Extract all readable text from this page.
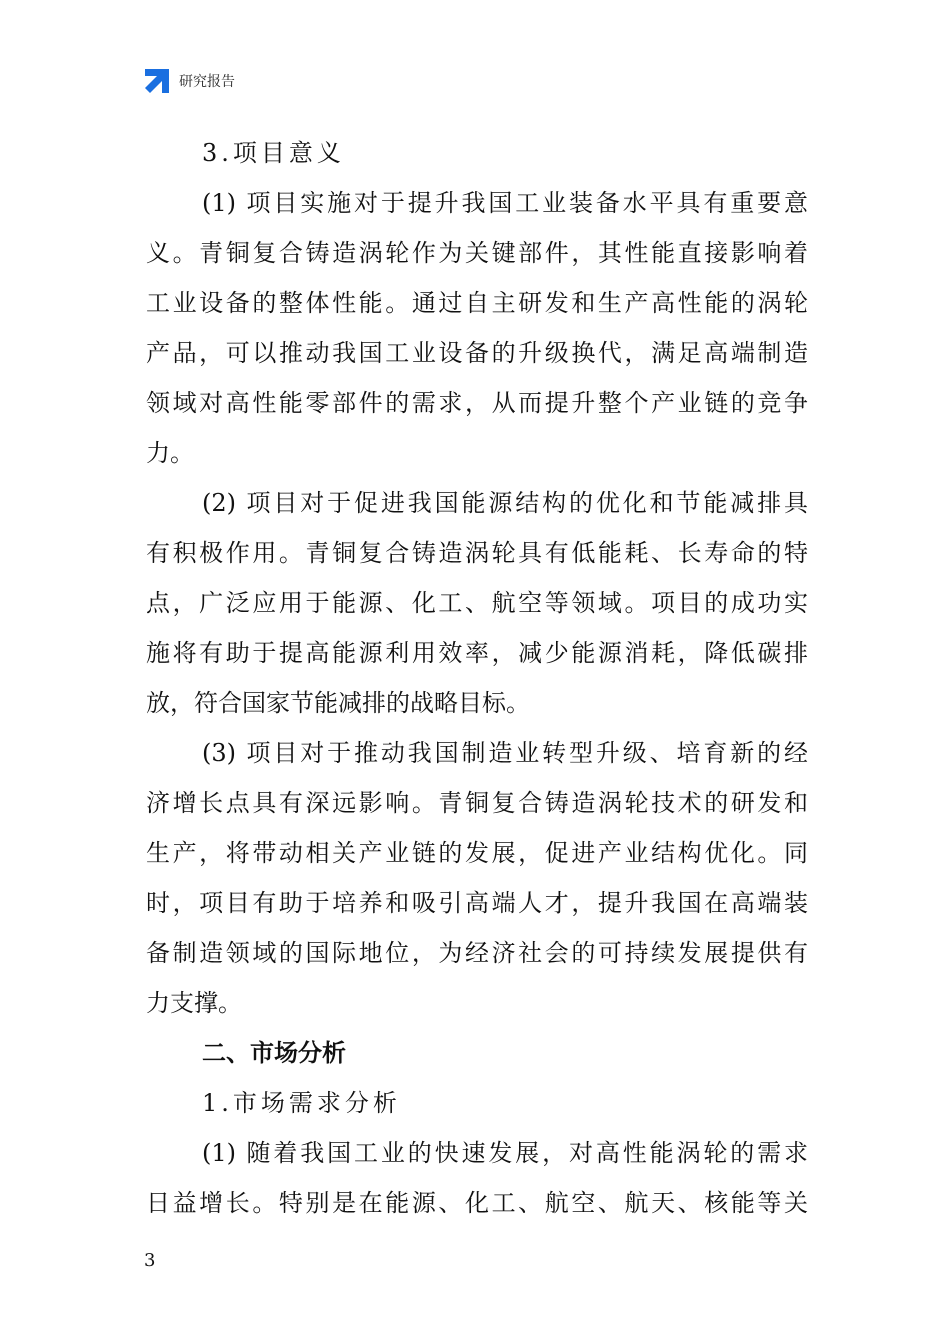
研究报告
3.项目意义
(1) 项目实施对于提升我国工业装备水平具有重要意
义。青铜复合铸造涡轮作为关键部件，其性能直接影响着
工业设备的整体性能。通过自主研发和生产高性能的涡轮
产品，可以推动我国工业设备的升级换代，满足高端制造
领域对高性能零部件的需求，从而提升整个产业链的竞争
力。
(2) 项目对于促进我国能源结构的优化和节能减排具
有积极作用。青铜复合铸造涡轮具有低能耗、长寿命的特
点，广泛应用于能源、化工、航空等领域。项目的成功实
施将有助于提高能源利用效率，减少能源消耗，降低碳排
放，符合国家节能减排的战略目标。
(3) 项目对于推动我国制造业转型升级、培育新的经
济增长点具有深远影响。青铜复合铸造涡轮技术的研发和
生产，将带动相关产业链的发展，促进产业结构优化。同
时，项目有助于培养和吸引高端人才，提升我国在高端装
备制造领域的国际地位，为经济社会的可持续发展提供有
力支撑。
二、市场分析
1.市场需求分析
(1) 随着我国工业的快速发展，对高性能涡轮的需求
日益增长。特别是在能源、化工、航空、航天、核能等关
3
